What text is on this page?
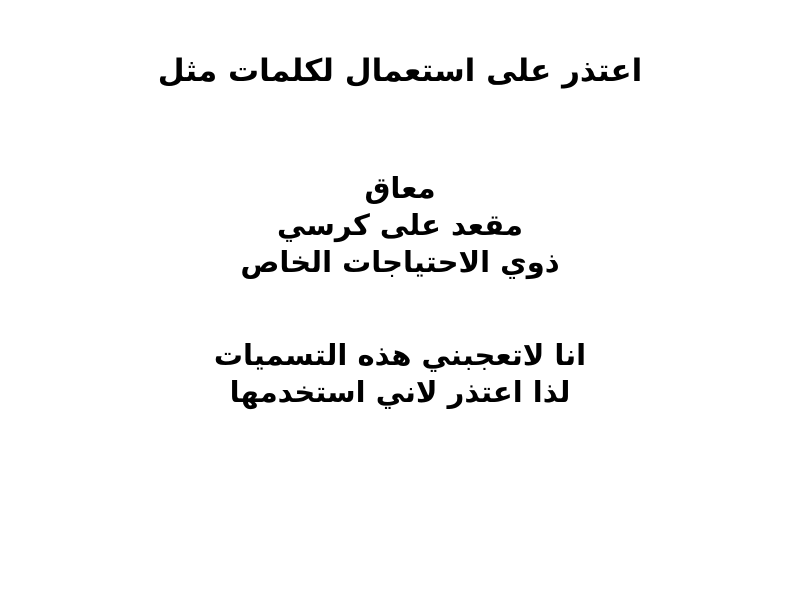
اعتذر على استعمال لكلمات مثل
معاق
مقعد على كرسي
ذوي الاحتياجات الخاص
انا لاتعجبني هذه التسميات
لذا اعتذر لاني استخدمها
